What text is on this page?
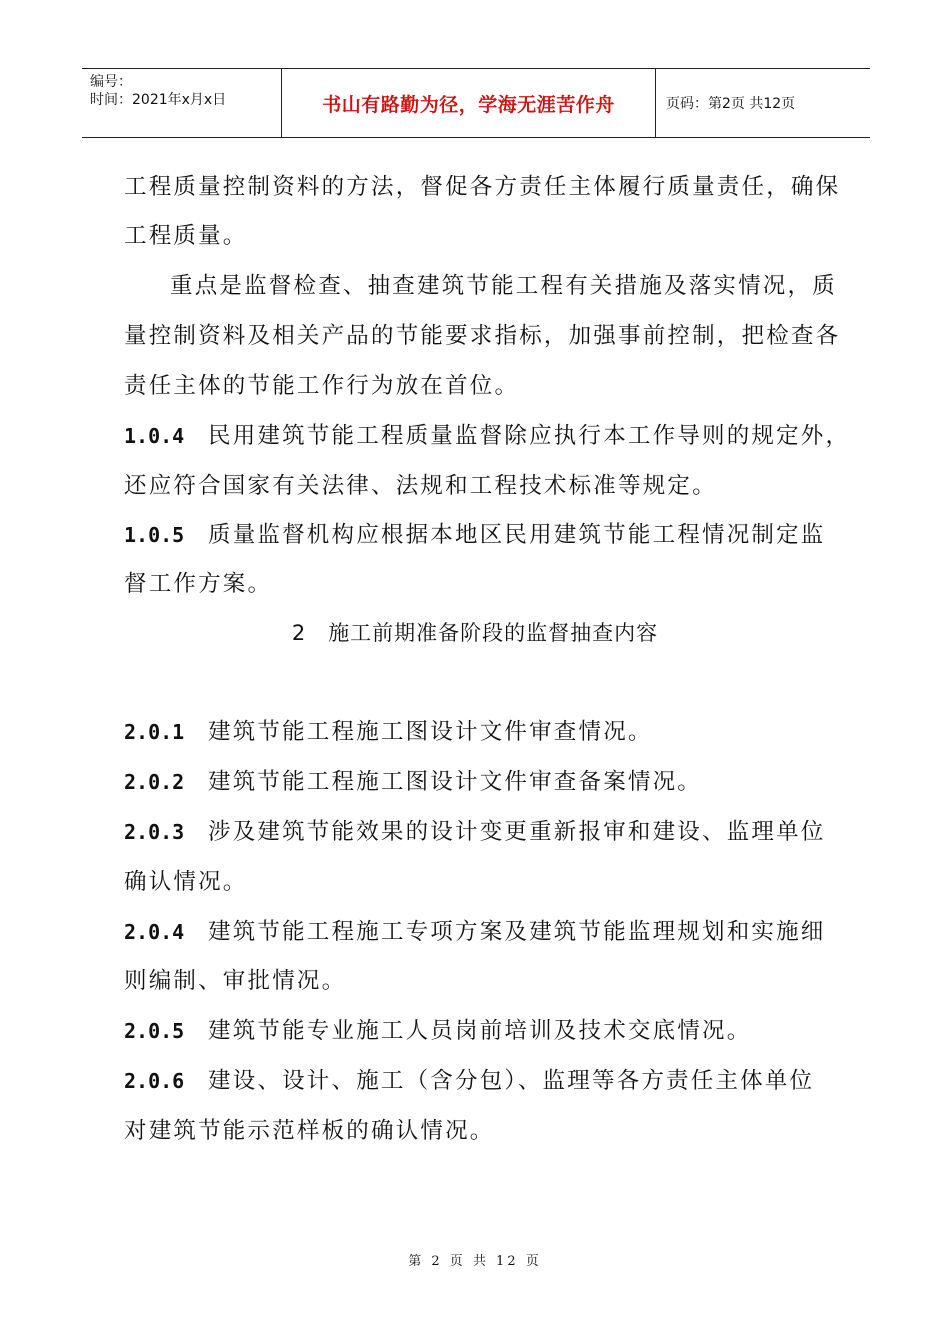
编号：
时间：2021年x月x日	书山有路勤为径，学海无涯苦作舟	页码：第2页 共12页
工程质量控制资料的方法，督促各方责任主体履行质量责任，确保
工程质量。
重点是监督检查、抽查建筑节能工程有关措施及落实情况，质
量控制资料及相关产品的节能要求指标，加强事前控制，把检查各
责任主体的节能工作行为放在首位。
1.0.4 民用建筑节能工程质量监督除应执行本工作导则的规定外，
还应符合国家有关法律、法规和工程技术标准等规定。
1.0.5 质量监督机构应根据本地区民用建筑节能工程情况制定监
督工作方案。
2 施工前期准备阶段的监督抽查内容
2.0.1 建筑节能工程施工图设计文件审查情况。
2.0.2 建筑节能工程施工图设计文件审查备案情况。
2.0.3 涉及建筑节能效果的设计变更重新报审和建设、监理单位
确认情况。
2.0.4 建筑节能工程施工专项方案及建筑节能监理规划和实施细
则编制、审批情况。
2.0.5 建筑节能专业施工人员岗前培训及技术交底情况。
2.0.6 建设、设计、施工（含分包）、监理等各方责任主体单位
对建筑节能示范样板的确认情况。
第 2 页 共 12 页
